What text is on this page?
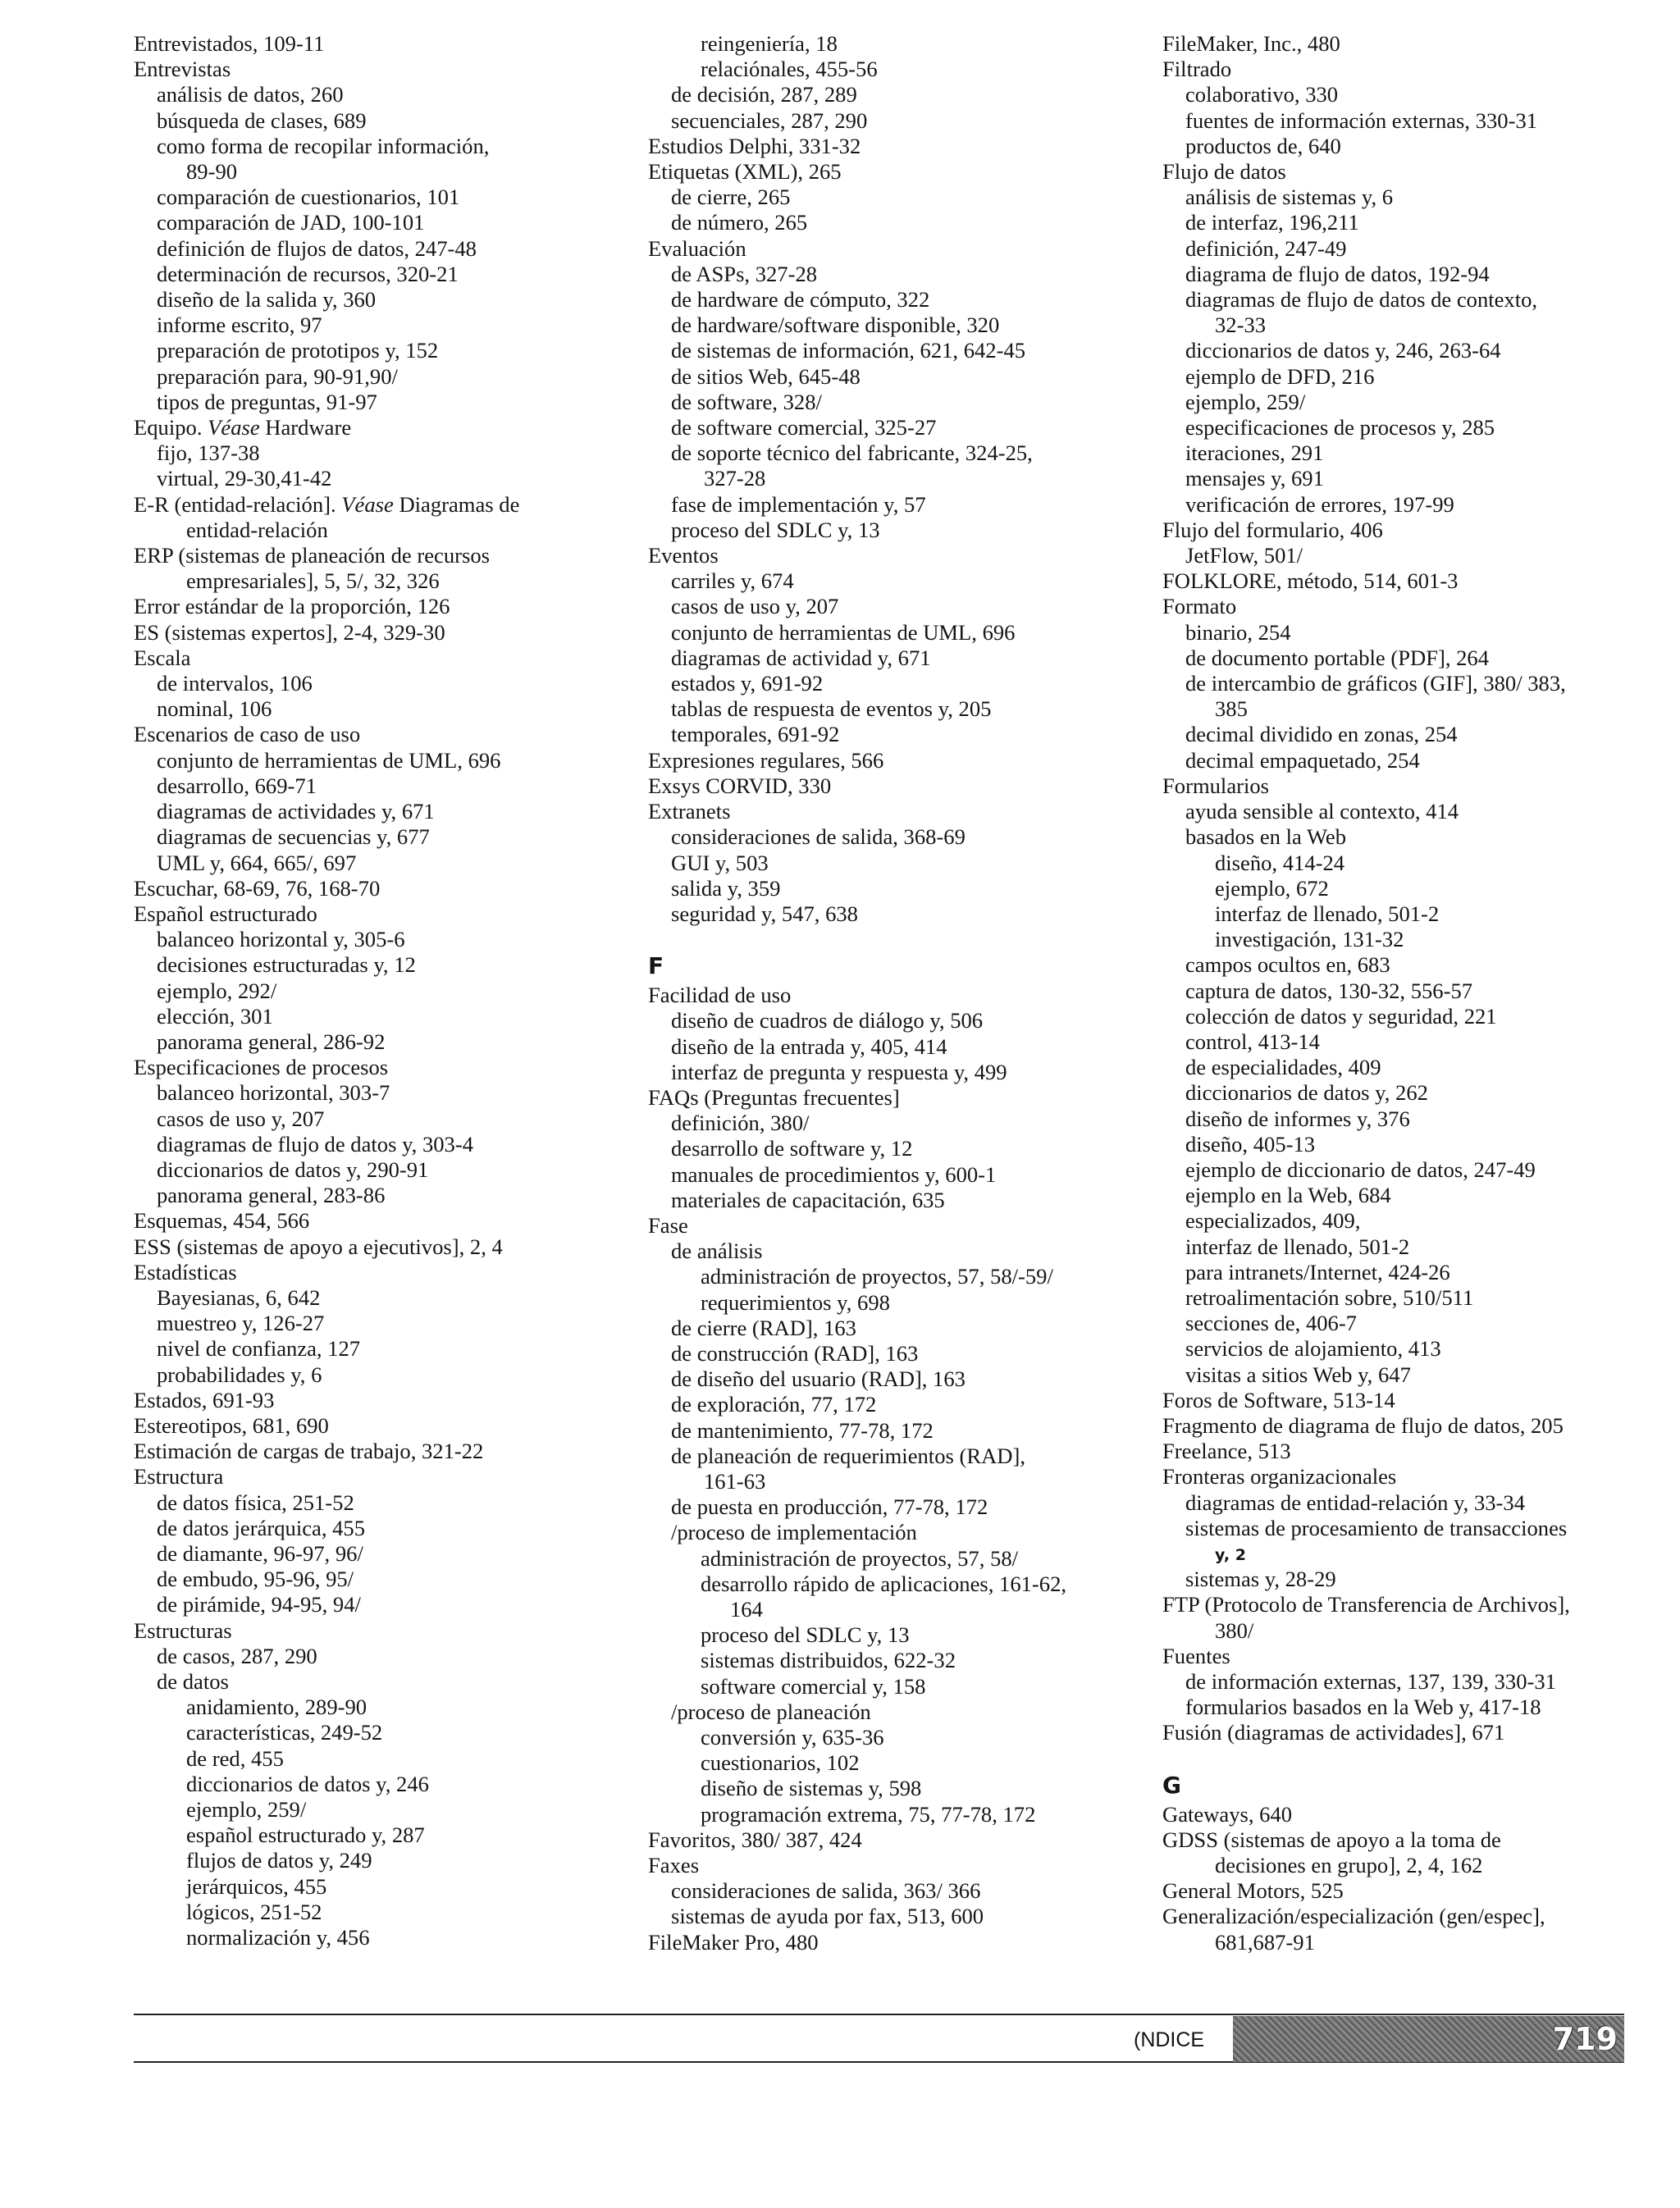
Entrevistados, 109-11
Entrevistas
análisis de datos, 260
búsqueda de clases, 689
como forma de recopilar información,
89-90
comparación de cuestionarios, 101
comparación de JAD, 100-101
definición de flujos de datos, 247-48
determinación de recursos, 320-21
diseño de la salida y, 360
informe escrito, 97
preparación de prototipos y, 152
preparación para, 90-91,90/
tipos de preguntas, 91-97
Equipo. Véase Hardware
fijo, 137-38
virtual, 29-30,41-42
E-R (entidad-relación]. Véase Diagramas de
entidad-relación
ERP (sistemas de planeación de recursos
empresariales], 5, 5/, 32, 326
Error estándar de la proporción, 126
ES (sistemas expertos], 2-4, 329-30
Escala
de intervalos, 106
nominal, 106
Escenarios de caso de uso
conjunto de herramientas de UML, 696
desarrollo, 669-71
diagramas de actividades y, 671
diagramas de secuencias y, 677
UML y, 664, 665/, 697
Escuchar, 68-69, 76, 168-70
Español estructurado
balanceo horizontal y, 305-6
decisiones estructuradas y, 12
ejemplo, 292/
elección, 301
panorama general, 286-92
Especificaciones de procesos
balanceo horizontal, 303-7
casos de uso y, 207
diagramas de flujo de datos y, 303-4
diccionarios de datos y, 290-91
panorama general, 283-86
Esquemas, 454, 566
ESS (sistemas de apoyo a ejecutivos], 2, 4
Estadísticas
Bayesianas, 6, 642
muestreo y, 126-27
nivel de confianza, 127
probabilidades y, 6
Estados, 691-93
Estereotipos, 681, 690
Estimación de cargas de trabajo, 321-22
Estructura
de datos física, 251-52
de datos jerárquica, 455
de diamante, 96-97, 96/
de embudo, 95-96, 95/
de pirámide, 94-95, 94/
Estructuras
de casos, 287, 290
de datos
anidamiento, 289-90
características, 249-52
de red, 455
diccionarios de datos y, 246
ejemplo, 259/
español estructurado y, 287
flujos de datos y, 249
jerárquicos, 455
lógicos, 251-52
normalización y, 456
reingeniería, 18
relaciónales, 455-56
de decisión, 287, 289
secuenciales, 287, 290
Estudios Delphi, 331-32
Etiquetas (XML), 265
de cierre, 265
de número, 265
Evaluación
de ASPs, 327-28
de hardware de cómputo, 322
de hardware/software disponible, 320
de sistemas de información, 621, 642-45
de sitios Web, 645-48
de software, 328/
de software comercial, 325-27
de soporte técnico del fabricante, 324-25,
327-28
fase de implementación y, 57
proceso del SDLC y, 13
Eventos
carriles y, 674
casos de uso y, 207
conjunto de herramientas de UML, 696
diagramas de actividad y, 671
estados y, 691-92
tablas de respuesta de eventos y, 205
temporales, 691-92
Expresiones regulares, 566
Exsys CORVID, 330
Extranets
consideraciones de salida, 368-69
GUI y, 503
salida y, 359
seguridad y, 547, 638
F
Facilidad de uso
diseño de cuadros de diálogo y, 506
diseño de la entrada y, 405, 414
interfaz de pregunta y respuesta y, 499
FAQs (Preguntas frecuentes]
definición, 380/
desarrollo de software y, 12
manuales de procedimientos y, 600-1
materiales de capacitación, 635
Fase
de análisis
administración de proyectos, 57, 58/-59/
requerimientos y, 698
de cierre (RAD], 163
de construcción (RAD], 163
de diseño del usuario (RAD], 163
de exploración, 77, 172
de mantenimiento, 77-78, 172
de planeación de requerimientos (RAD],
161-63
de puesta en producción, 77-78, 172
/proceso de implementación
administración de proyectos, 57, 58/
desarrollo rápido de aplicaciones, 161-62,
164
proceso del SDLC y, 13
sistemas distribuidos, 622-32
software comercial y, 158
/proceso de planeación
conversión y, 635-36
cuestionarios, 102
diseño de sistemas y, 598
programación extrema, 75, 77-78, 172
Favoritos, 380/ 387, 424
Faxes
consideraciones de salida, 363/ 366
sistemas de ayuda por fax, 513, 600
FileMaker Pro, 480
FileMaker, Inc., 480
Filtrado
colaborativo, 330
fuentes de información externas, 330-31
productos de, 640
Flujo de datos
análisis de sistemas y, 6
de interfaz, 196,211
definición, 247-49
diagrama de flujo de datos, 192-94
diagramas de flujo de datos de contexto,
32-33
diccionarios de datos y, 246, 263-64
ejemplo de DFD, 216
ejemplo, 259/
especificaciones de procesos y, 285
iteraciones, 291
mensajes y, 691
verificación de errores, 197-99
Flujo del formulario, 406
JetFlow, 501/
FOLKLORE, método, 514, 601-3
Formato
binario, 254
de documento portable (PDF], 264
de intercambio de gráficos (GIF], 380/ 383,
385
decimal dividido en zonas, 254
decimal empaquetado, 254
Formularios
ayuda sensible al contexto, 414
basados en la Web
diseño, 414-24
ejemplo, 672
interfaz de llenado, 501-2
investigación, 131-32
campos ocultos en, 683
captura de datos, 130-32, 556-57
colección de datos y seguridad, 221
control, 413-14
de especialidades, 409
diccionarios de datos y, 262
diseño de informes y, 376
diseño, 405-13
ejemplo de diccionario de datos, 247-49
ejemplo en la Web, 684
especializados, 409,
interfaz de llenado, 501-2
para intranets/Internet, 424-26
retroalimentación sobre, 510/511
secciones de, 406-7
servicios de alojamiento, 413
visitas a sitios Web y, 647
Foros de Software, 513-14
Fragmento de diagrama de flujo de datos, 205
Freelance, 513
Fronteras organizacionales
diagramas de entidad-relación y, 33-34
sistemas de procesamiento de transacciones
y, 2
sistemas y, 28-29
FTP (Protocolo de Transferencia de Archivos],
380/
Fuentes
de información externas, 137, 139, 330-31
formularios basados en la Web y, 417-18
Fusión (diagramas de actividades], 671
G
Gateways, 640
GDSS (sistemas de apoyo a la toma de
decisiones en grupo], 2, 4, 162
General Motors, 525
Generalización/especialización (gen/espec],
681,687-91
(NDICE	719
